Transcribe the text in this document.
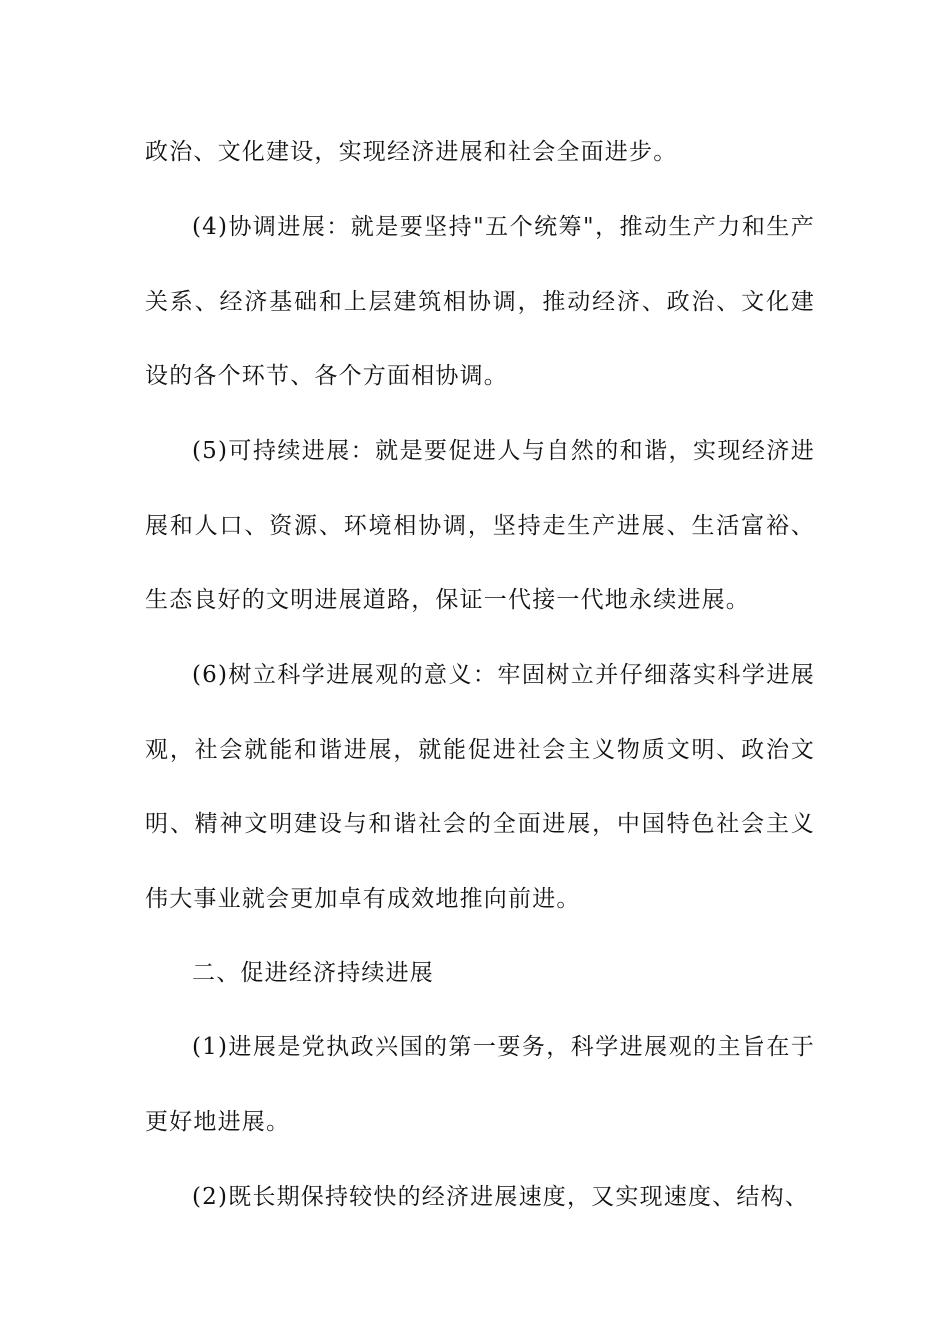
政治、文化建设，实现经济进展和社会全面进步。

(4)协调进展：就是要坚持"五个统筹"，推动生产力和生产关系、经济基础和上层建筑相协调，推动经济、政治、文化建设的各个环节、各个方面相协调。

(5)可持续进展：就是要促进人与自然的和谐，实现经济进展和人口、资源、环境相协调，坚持走生产进展、生活富裕、生态良好的文明进展道路，保证一代接一代地永续进展。

(6)树立科学进展观的意义：牢固树立并仔细落实科学进展观，社会就能和谐进展，就能促进社会主义物质文明、政治文明、精神文明建设与和谐社会的全面进展，中国特色社会主义伟大事业就会更加卓有成效地推向前进。

二、促进经济持续进展

(1)进展是党执政兴国的第一要务，科学进展观的主旨在于更好地进展。

(2)既长期保持较快的经济进展速度，又实现速度、结构、
